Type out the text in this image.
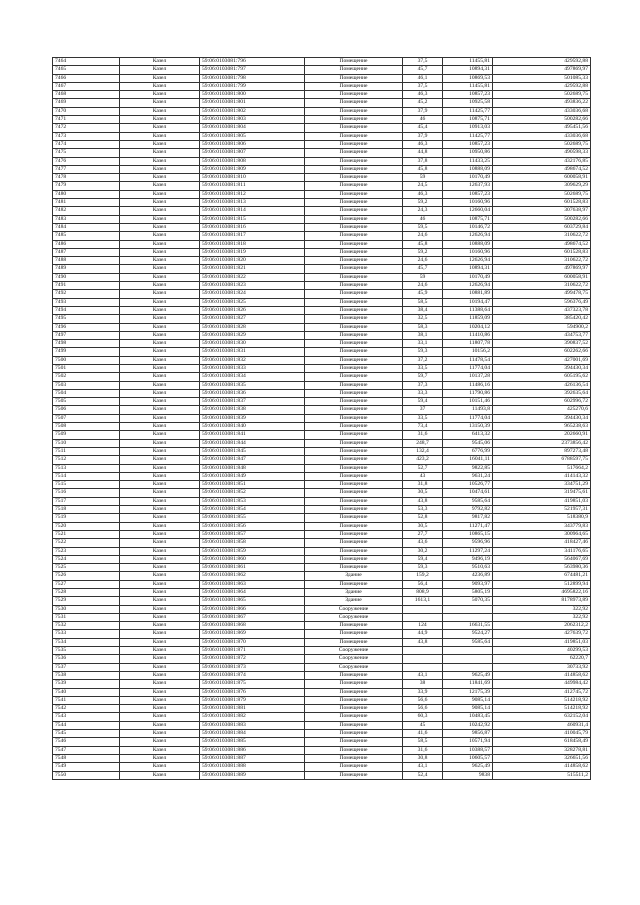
7464	Казел	59:06:0103081:796	Помещение	37,5	11455,81	429592,88
7465	Казел	59:06:0103081:797	Помещение	45,7	10894,31	497869,97
7466	Казел	59:06:0103081:798	Помещение	46,1	10869,53	501085,33
7467	Казел	59:06:0103081:799	Помещение	37,5	11455,81	429592,88
7468	Казел	59:06:0103081:800	Помещение	46,3	10857,23	502689,75
7469	Казел	59:06:0103081:801	Помещение	45,2	10925,58	493836,22
7470	Казел	59:06:0103081:802	Помещение	37,9	11425,77	433036,68
7471	Казел	59:06:0103081:803	Помещение	46	10875,71	500282,66
7472	Казел	59:06:0103081:804	Помещение	45,4	10913,03	495451,56
7473	Казел	59:06:0103081:805	Помещение	37,9	11425,77	433036,68
7474	Казел	59:06:0103081:806	Помещение	46,3	10857,23	502689,75
7475	Казел	59:06:0103081:807	Помещение	44,8	10950,86	490598,33
7476	Казел	59:06:0103081:808	Помещение	37,8	11433,25	432176,85
7477	Казел	59:06:0103081:809	Помещение	45,8	10888,09	498674,52
7478	Казел	59:06:0103081:810	Помещение	59	10170,49	600058,91
7479	Казел	59:06:0103081:811	Помещение	24,5	12637,93	309629,29
7480	Казел	59:06:0103081:812	Помещение	46,3	10857,23	502689,75
7481	Казел	59:06:0103081:813	Помещение	59,2	10160,96	601528,83
7482	Казел	59:06:0103081:814	Помещение	24,3	12660,04	307638,97
7483	Казел	59:06:0103081:815	Помещение	46	10875,71	500282,66
7484	Казел	59:06:0103081:816	Помещение	59,5	10146,72	603729,84
7485	Казел	59:06:0103081:817	Помещение	24,6	12626,94	310622,72
7486	Казел	59:06:0103081:818	Помещение	45,8	10888,09	498674,52
7487	Казел	59:06:0103081:819	Помещение	59,2	10160,96	601528,83
7488	Казел	59:06:0103081:820	Помещение	24,6	12626,94	310622,72
7489	Казел	59:06:0103081:821	Помещение	45,7	10894,31	497869,97
7490	Казел	59:06:0103081:822	Помещение	59	10170,49	600058,91
7491	Казел	59:06:0103081:823	Помещение	24,6	12626,94	310622,72
7492	Казел	59:06:0103081:824	Помещение	45,9	10881,89	499478,75
7493	Казел	59:06:0103081:825	Помещение	58,5	10194,47	596376,49
7494	Казел	59:06:0103081:826	Помещение	38,4	11388,64	437323,78
7495	Казел	59:06:0103081:827	Помещение	32,5	11859,09	385420,42
7496	Казел	59:06:0103081:828	Помещение	58,3	10204,12	594900,2
7497	Казел	59:06:0103081:829	Помещение	38,1	11410,86	434753,77
7498	Казел	59:06:0103081:830	Помещение	33,1	11807,78	390837,52
7499	Казел	59:06:0103081:831	Помещение	59,3	10156,2	602262,66
7500	Казел	59:06:0103081:832	Помещение	37,2	11478,54	427001,69
7501	Казел	59:06:0103081:833	Помещение	33,5	11774,04	394430,34
7502	Казел	59:06:0103081:834	Помещение	59,7	10137,28	605195,62
7503	Казел	59:06:0103081:835	Помещение	37,3	11486,16	426136,54
7504	Казел	59:06:0103081:836	Помещение	33,3	11790,86	392635,64
7505	Казел	59:06:0103081:837	Помещение	59,4	10151,46	602996,72
7506	Казел	59:06:0103081:838	Помещение	37	11493,8	425270,6
7507	Казел	59:06:0103081:839	Помещение	33,5	11774,04	394430,34
7508	Казел	59:06:0103081:840	Помещение	73,4	13150,39	965238,63
7509	Казел	59:06:0103081:841	Помещение	31,6	6413,32	202660,91
7510	Казел	59:06:0103081:844	Помещение	248,7	9545,06	2373856,42
7511	Казел	59:06:0103081:845	Помещение	132,4	6776,99	897273,48
7512	Казел	59:06:0103081:847	Помещение	423,2	16041,11	6788597,75
7513	Казел	59:06:0103081:848	Помещение	52,7	9822,85	517664,2
7514	Казел	59:06:0103081:849	Помещение	43	9631,24	414143,32
7515	Казел	59:06:0103081:851	Помещение	31,8	10526,77	334751,29
7516	Казел	59:06:0103081:852	Помещение	30,5	10474,61	319475,61
7517	Казел	59:06:0103081:853	Помещение	43,8	9585,64	419851,03
7518	Казел	59:06:0103081:854	Помещение	53,3	9792,82	521957,31
7519	Казел	59:06:0103081:855	Помещение	52,8	9817,82	518380,9
7520	Казел	59:06:0103081:856	Помещение	30,5	11271,47	343779,83
7521	Казел	59:06:0103081:857	Помещение	27,7	10865,15	300964,65
7522	Казел	59:06:0103081:858	Помещение	43,6	9596,96	418427,46
7523	Казел	59:06:0103081:859	Помещение	30,2	11297,24	341176,65
7524	Казел	59:06:0103081:860	Помещение	59,4	9496,19	564067,69
7525	Казел	59:06:0103081:861	Помещение	59,3	9510,63	563980,36
7526	Казел	59:06:0103081:862	Здание	159,2	4236,89	674481,21
7527	Казел	59:06:0103081:863	Помещение	56,4	9093,97	512899,94
7528	Казел	59:06:0103081:864	Здание	808,9	5805,19	4695822,16
7529	Казел	59:06:0103081:865	Здание	1613,1	5070,35	8178973,89
7530	Казел	59:06:0103081:866	Сооружение			322,92
7531	Казел	59:06:0103081:867	Сооружение			322,92
7532	Казел	59:06:0103081:868	Помещение	124	16631,55	2062312,2
7533	Казел	59:06:0103081:869	Помещение	44,9	9524,27	427639,72
7534	Казел	59:06:0103081:870	Помещение	43,8	9585,64	419851,03
7535	Казел	59:06:0103081:871	Сооружение			40299,53
7536	Казел	59:06:0103081:872	Сооружение			62220,7
7537	Казел	59:06:0103081:873	Сооружение			30733,92
7538	Казел	59:06:0103081:874	Помещение	43,1	9625,49	414858,62
7539	Казел	59:06:0103081:875	Помещение	38	11841,69	449984,42
7540	Казел	59:06:0103081:876	Помещение	33,9	12175,39	412745,72
7541	Казел	59:06:0103081:879	Помещение	56,6	9085,14	514218,92
7542	Казел	59:06:0103081:881	Помещение	56,6	9085,14	514218,92
7543	Казел	59:06:0103081:882	Помещение	60,3	10483,45	632152,04
7544	Казел	59:06:0103081:883	Помещение	45	10242,92	460931,4
7545	Казел	59:06:0103081:884	Помещение	41,6	9856,87	410045,79
7546	Казел	59:06:0103081:885	Помещение	58,5	10571,94	618458,49
7547	Казел	59:06:0103081:886	Помещение	31,6	10388,57	328278,81
7548	Казел	59:06:0103081:887	Помещение	30,8	10605,57	326651,56
7549	Казел	59:06:0103081:888	Помещение	43,1	9625,49	414858,62
7550	Казел	59:06:0103081:889	Помещение	52,4	9838	515511,2
